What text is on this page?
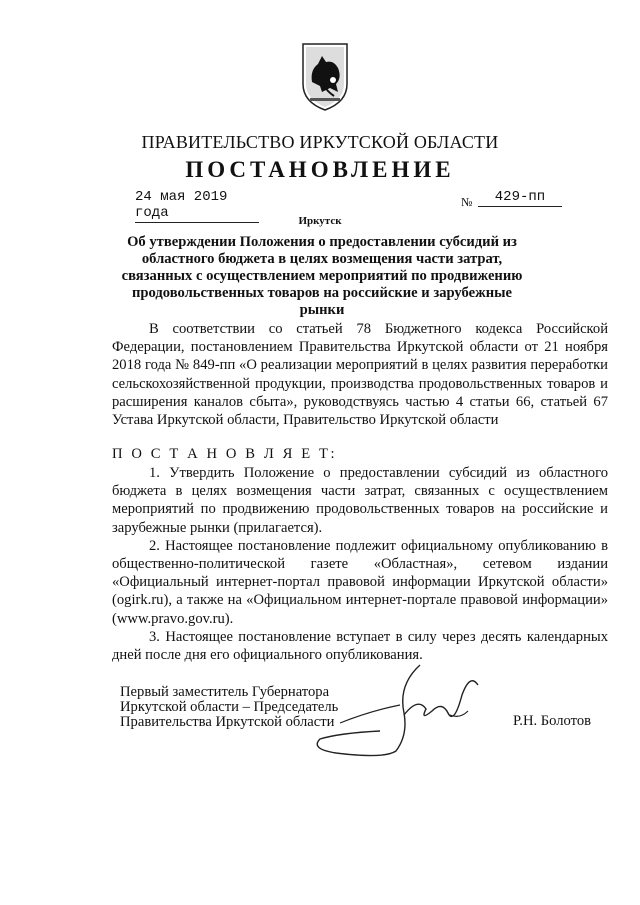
ПРАВИТЕЛЬСТВО ИРКУТСКОЙ ОБЛАСТИ
ПОСТАНОВЛЕНИЕ
24 мая 2019 года
№	429-пп
Иркутск
Об утверждении Положения о предоставлении субсидий из областного бюджета в целях возмещения части затрат, связанных с осуществлением мероприятий по продвижению продовольственных товаров на российские и зарубежные рынки

В соответствии со статьей 78 Бюджетного кодекса Российской Федерации, постановлением Правительства Иркутской области от 21 ноября 2018 года № 849-пп «О реализации мероприятий в целях развития переработки сельскохозяйственной продукции, производства продовольственных товаров и расширения каналов сбыта», руководствуясь частью 4 статьи 66, статьей 67 Устава Иркутской области, Правительство Иркутской области

П О С Т А Н О В Л Я Е Т:

1. Утвердить Положение о предоставлении субсидий из областного бюджета в целях возмещения части затрат, связанных с осуществлением мероприятий по продвижению продовольственных товаров на российские и зарубежные рынки (прилагается).

2. Настоящее постановление подлежит официальному опубликованию в общественно-политической газете «Областная», сетевом издании «Официальный интернет-портал правовой информации Иркутской области» (ogirk.ru), а также на «Официальном интернет-портале правовой информации» (www.pravo.gov.ru).

3. Настоящее постановление вступает в силу через десять календарных дней после дня его официального опубликования.

Первый заместитель Губернатора
Иркутской области – Председатель
Правительства Иркутской области	Р.Н. Болотов
